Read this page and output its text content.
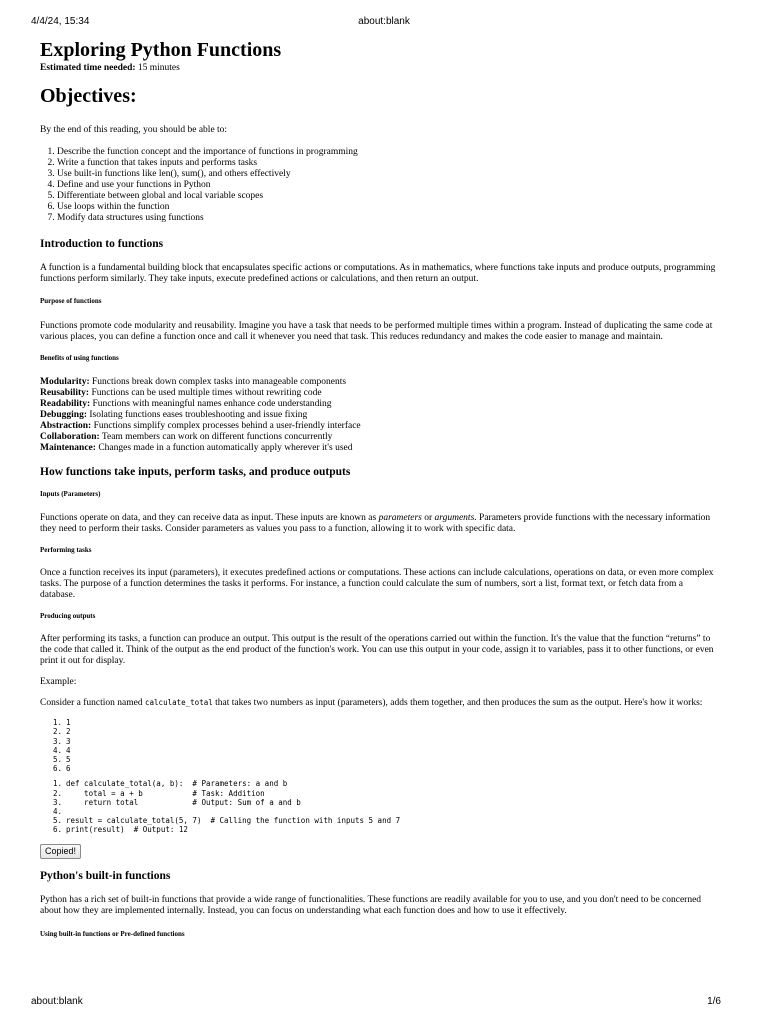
4/4/24, 15:34	about:blank
Exploring Python Functions

Estimated time needed: 15 minutes

Objectives:

By the end of this reading, you should be able to:

1. Describe the function concept and the importance of functions in programming
2. Write a function that takes inputs and performs tasks
3. Use built-in functions like len(), sum(), and others effectively
4. Define and use your functions in Python
5. Differentiate between global and local variable scopes
6. Use loops within the function
7. Modify data structures using functions
Introduction to functions

A function is a fundamental building block that encapsulates specific actions or computations. As in mathematics, where functions take inputs and produce outputs, programming functions perform similarly. They take inputs, execute predefined actions or calculations, and then return an output.

Purpose of functions

Functions promote code modularity and reusability. Imagine you have a task that needs to be performed multiple times within a program. Instead of duplicating the same code at various places, you can define a function once and call it whenever you need that task. This reduces redundancy and makes the code easier to manage and maintain.

Benefits of using functions
Modularity: Functions break down complex tasks into manageable components
Reusability: Functions can be used multiple times without rewriting code
Readability: Functions with meaningful names enhance code understanding
Debugging: Isolating functions eases troubleshooting and issue fixing
Abstraction: Functions simplify complex processes behind a user-friendly interface
Collaboration: Team members can work on different functions concurrently
Maintenance: Changes made in a function automatically apply wherever it's used
How functions take inputs, perform tasks, and produce outputs
Inputs (Parameters)

Functions operate on data, and they can receive data as input. These inputs are known as parameters or arguments. Parameters provide functions with the necessary information they need to perform their tasks. Consider parameters as values you pass to a function, allowing it to work with specific data.

Performing tasks

Once a function receives its input (parameters), it executes predefined actions or computations. These actions can include calculations, operations on data, or even more complex tasks. The purpose of a function determines the tasks it performs. For instance, a function could calculate the sum of numbers, sort a list, format text, or fetch data from a database.

Producing outputs

After performing its tasks, a function can produce an output. This output is the result of the operations carried out within the function. It's the value that the function “returns” to the code that called it. Think of the output as the end product of the function's work. You can use this output in your code, assign it to variables, pass it to other functions, or even print it out for display.

Example:

Consider a function named calculate_total that takes two numbers as input (parameters), adds them together, and then produces the sum as the output. Here's how it works:

1. 1
2. 2
3. 3
4. 4
5. 5
6. 6
1. def calculate_total(a, b):  # Parameters: a and b
2. total = a + b           # Task: Addition
3. return total            # Output: Sum of a and b
4.
5. result = calculate_total(5, 7)  # Calling the function with inputs 5 and 7
6. print(result)  # Output: 12
Copied!
Python's built-in functions

Python has a rich set of built-in functions that provide a wide range of functionalities. These functions are readily available for you to use, and you don't need to be concerned about how they are implemented internally. Instead, you can focus on understanding what each function does and how to use it effectively.

Using built-in functions or Pre-defined functions
about:blank	1/6
